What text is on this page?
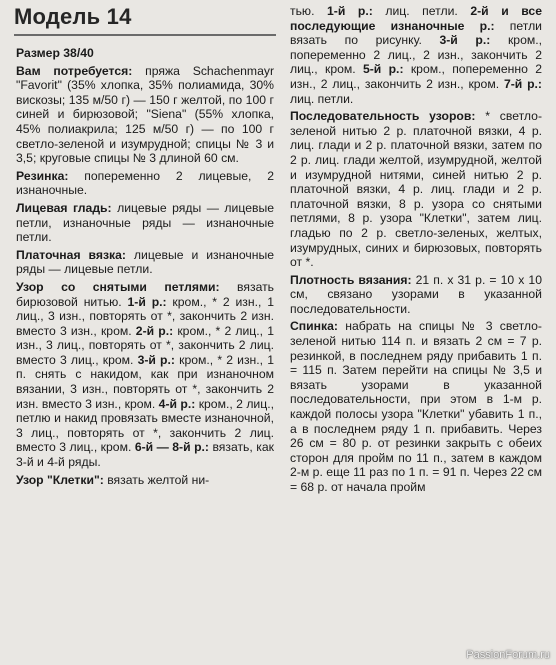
Модель 14

Размер 38/40

Вам потребуется: пряжа Schachenmayr "Favorit" (35% хлопка, 35% полиамида, 30% вискозы; 135 м/50 г) — 150 г желтой, по 100 г синей и бирюзовой; "Siena" (55% хлопка, 45% полиакрила; 125 м/50 г) — по 100 г светло-зеленой и изумрудной; спицы № 3 и 3,5; круговые спицы № 3 длиной 60 см.

Резинка: попеременно 2 лицевые, 2 изнаночные.

Лицевая гладь: лицевые ряды — лицевые петли, изнаночные ряды — изнаночные петли.

Платочная вязка: лицевые и изнаночные ряды — лицевые петли.

Узор со снятыми петлями: вязать бирюзовой нитью. 1-й р.: кром., * 2 изн., 1 лиц., 3 изн., повторять от *, закончить 2 изн. вместо 3 изн., кром. 2-й р.: кром., * 2 лиц., 1 изн., 3 лиц., повторять от *, закончить 2 лиц. вместо 3 лиц., кром. 3-й р.: кром., * 2 изн., 1 п. снять с накидом, как при изнаночном вязании, 3 изн., повторять от *, закончить 2 изн. вместо 3 изн., кром. 4-й р.: кром., 2 лиц., петлю и накид провязать вместе изнаночной, 3 лиц., повторять от *, закончить 2 лиц. вместо 3 лиц., кром. 6-й — 8-й р.: вязать, как 3-й и 4-й ряды.

Узор "Клетки": вязать желтой ни-

тью. 1-й р.: лиц. петли. 2-й и все последующие изнаночные р.: петли вязать по рисунку. 3-й р.: кром., попеременно 2 лиц., 2 изн., закончить 2 лиц., кром. 5-й р.: кром., попеременно 2 изн., 2 лиц., закончить 2 изн., кром. 7-й р.: лиц. петли.

Последовательность узоров: * светло-зеленой нитью 2 р. платочной вязки, 4 р. лиц. глади и 2 р. платочной вязки, затем по 2 р. лиц. глади желтой, изумрудной, желтой и изумрудной нитями, синей нитью 2 р. платочной вязки, 4 р. лиц. глади и 2 р. платочной вязки, 8 р. узора со снятыми петлями, 8 р. узора "Клетки", затем лиц. гладью по 2 р. светло-зеленых, желтых, изумрудных, синих и бирюзовых, повторять от *.

Плотность вязания: 21 п. х 31 р. = 10 х 10 см, связано узорами в указанной последовательности.

Спинка: набрать на спицы № 3 светло-зеленой нитью 114 п. и вязать 2 см = 7 р. резинкой, в последнем ряду прибавить 1 п. = 115 п. Затем перейти на спицы № 3,5 и вязать узорами в указанной последовательности, при этом в 1-м р. каждой полосы узора "Клетки" убавить 1 п., а в последнем ряду 1 п. прибавить. Через 26 см = 80 р. от резинки закрыть с обеих сторон для пройм по 11 п., затем в каждом 2-м р. еще 11 раз по 1 п. = 91 п. Через 22 см = 68 р. от начала пройм

PassionForum.ru
